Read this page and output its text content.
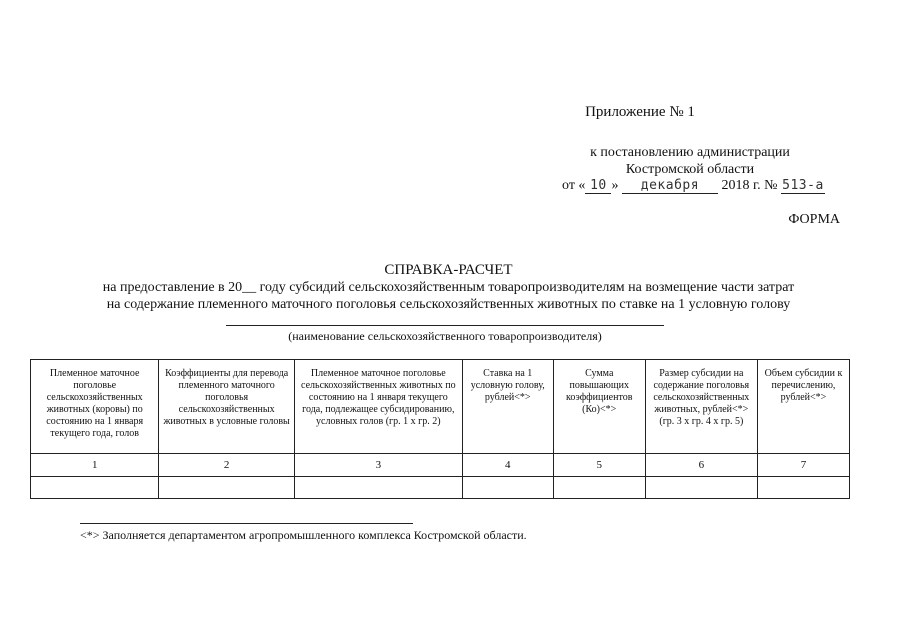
Приложение № 1
к постановлению администрации
Костромской области
от « 10 » декабря 2018 г. № 513-а
ФОРМА
СПРАВКА-РАСЧЕТ
на предоставление в 20__ году субсидий сельскохозяйственным товаропроизводителям на возмещение части затрат
на содержание племенного маточного поголовья сельскохозяйственных животных по ставке на 1 условную голову
(наименование сельскохозяйственного товаропроизводителя)
Племенное маточное поголовье сельскохозяйственных животных (коровы) по состоянию на 1 января текущего года, голов	Коэффициенты для перевода племенного маточного поголовья сельскохозяйственных животных в условные головы	Племенное маточное поголовье сельскохозяйственных животных по состоянию на 1 января текущего года, подлежащее субсидированию, условных голов (гр. 1 x гр. 2)	Ставка на 1 условную голову, рублей<*>	Сумма повышающих коэффициентов (Ко)<*>	Размер субсидии на содержание поголовья сельскохозяйственных животных, рублей<*> (гр. 3 x гр. 4 x гр. 5)	Объем субсидии к перечислению, рублей<*>
1	2	3	4	5	6	7

<*> Заполняется департаментом агропромышленного комплекса Костромской области.
